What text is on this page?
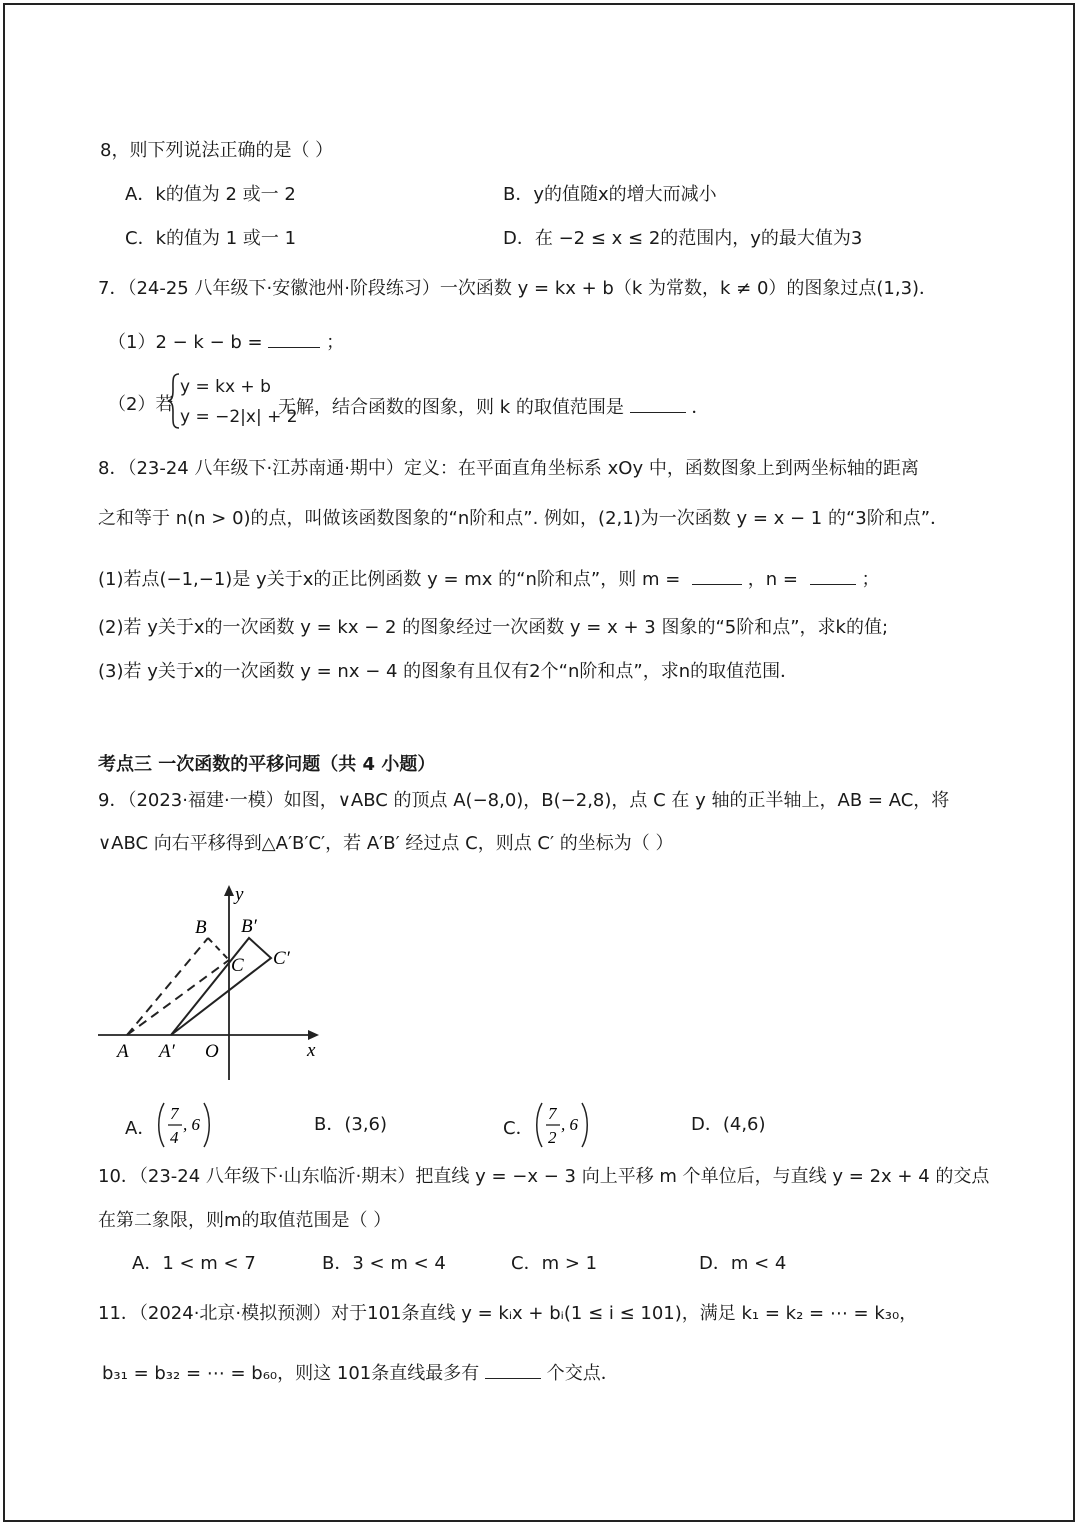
8，则下列说法正确的是（ ）
A．k的值为 2 或一 2	B．y的值随x的增大而减小
C．k的值为 1 或一 1	D．在 −2 ≤ x ≤ 2的范围内，y的最大值为3
7．（24-25 八年级下·安徽池州·阶段练习）一次函数 y = kx + b（k 为常数，k ≠ 0）的图象过点(1,3)．
（1）2 − k − b =	；
（2）若
y = kx + b
y = −2|x| + 2
无解，结合函数的图象，则 k 的取值范围是	．
8．（23-24 八年级下·江苏南通·期中）定义：在平面直角坐标系 xOy 中，函数图象上到两坐标轴的距离
之和等于 n(n > 0)的点，叫做该函数图象的“n阶和点”. 例如，(2,1)为一次函数 y = x − 1 的“3阶和点”．
(1)若点(−1,−1)是 y关于x的正比例函数 y = mx 的“n阶和点”，则 m =	，n =	；
(2)若 y关于x的一次函数 y = kx − 2 的图象经过一次函数 y = x + 3 图象的“5阶和点”，求k的值;
(3)若 y关于x的一次函数 y = nx − 4 的图象有且仅有2个“n阶和点”，求n的取值范围．
考点三 一次函数的平移问题（共 4 小题）
9．（2023·福建·一模）如图，∨ABC 的顶点 A(−8,0)，B(−2,8)，点 C 在 y 轴的正半轴上，AB = AC，将
∨ABC 向右平移得到△A′B′C′，若 A′B′ 经过点 C，则点 C′ 的坐标为（ ）
y
x
O
A A′
B B′
C C′
A．
7
4
, 6	B．(3,6)	C．
7
2
, 6	D．(4,6)
10．（23-24 八年级下·山东临沂·期末）把直线 y = −x − 3 向上平移 m 个单位后，与直线 y = 2x + 4 的交点
在第二象限，则m的取值范围是（ ）
A．1 < m < 7	B．3 < m < 4	C．m > 1	D．m < 4
11．（2024·北京·模拟预测）对于101条直线 y = kᵢx + bᵢ(1 ≤ i ≤ 101)，满足 k₁ = k₂ = ⋯ = k₃₀，
b₃₁ = b₃₂ = ⋯ = b₆₀，则这 101条直线最多有	个交点．
